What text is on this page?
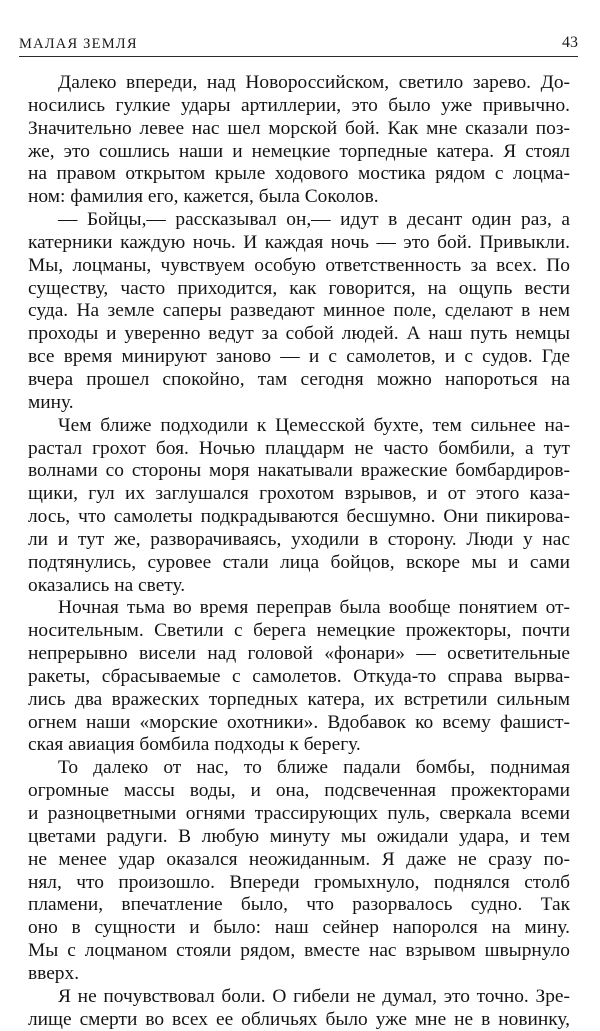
МАЛАЯ ЗЕМЛЯ	43
Далеко впереди, над Новороссийском, светило зарево. До-
носились гулкие удары артиллерии, это было уже привычно.
Значительно левее нас шел морской бой. Как мне сказали поз-
же, это сошлись наши и немецкие торпедные катера. Я стоял
на правом открытом крыле ходового мостика рядом с лоцма-
ном: фамилия его, кажется, была Соколов.
— Бойцы,— рассказывал он,— идут в десант один раз, а
катерники каждую ночь. И каждая ночь — это бой. Привыкли.
Мы, лоцманы, чувствуем особую ответственность за всех. По
существу, часто приходится, как говорится, на ощупь вести
суда. На земле саперы разведают минное поле, сделают в нем
проходы и уверенно ведут за собой людей. А наш путь немцы
все время минируют заново — и с самолетов, и с судов. Где
вчера прошел спокойно, там сегодня можно напороться на
мину.
Чем ближе подходили к Цемесской бухте, тем сильнее на-
растал грохот боя. Ночью плацдарм не часто бомбили, а тут
волнами со стороны моря накатывали вражеские бомбардиров-
щики, гул их заглушался грохотом взрывов, и от этого каза-
лось, что самолеты подкрадываются бесшумно. Они пикирова-
ли и тут же, разворачиваясь, уходили в сторону. Люди у нас
подтянулись, суровее стали лица бойцов, вскоре мы и сами
оказались на свету.
Ночная тьма во время переправ была вообще понятием от-
носительным. Светили с берега немецкие прожекторы, почти
непрерывно висели над головой «фонари» — осветительные
ракеты, сбрасываемые с самолетов. Откуда-то справа вырва-
лись два вражеских торпедных катера, их встретили сильным
огнем наши «морские охотники». Вдобавок ко всему фашист-
ская авиация бомбила подходы к берегу.
То далеко от нас, то ближе падали бомбы, поднимая
огромные массы воды, и она, подсвеченная прожекторами
и разноцветными огнями трассирующих пуль, сверкала всеми
цветами радуги. В любую минуту мы ожидали удара, и тем
не менее удар оказался неожиданным. Я даже не сразу по-
нял, что произошло. Впереди громыхнуло, поднялся столб
пламени, впечатление было, что разорвалось судно. Так
оно в сущности и было: наш сейнер напоролся на мину.
Мы с лоцманом стояли рядом, вместе нас взрывом швырнуло
вверх.
Я не почувствовал боли. О гибели не думал, это точно. Зре-
лище смерти во всех ее обличьях было уже мне не в новинку,
